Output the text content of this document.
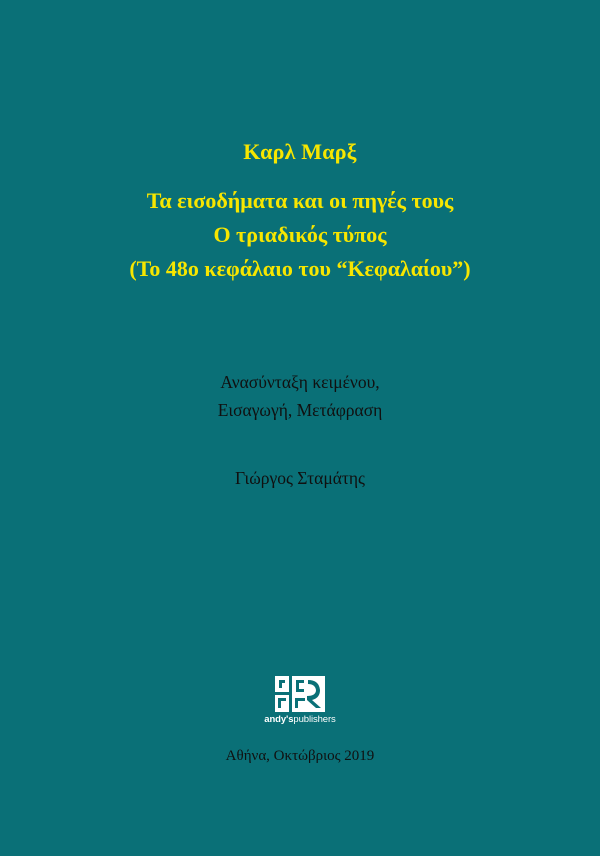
Καρλ Μαρξ
Τα εισοδήματα και οι πηγές τους
Ο τριαδικός τύπος
(Το 48ο κεφάλαιο του “Κεφαλαίου”)
Ανασύνταξη κειμένου,
Εισαγωγή, Μετάφραση
Γιώργος Σταμάτης
andy'spublishers
Αθήνα, Οκτώβριος 2019
